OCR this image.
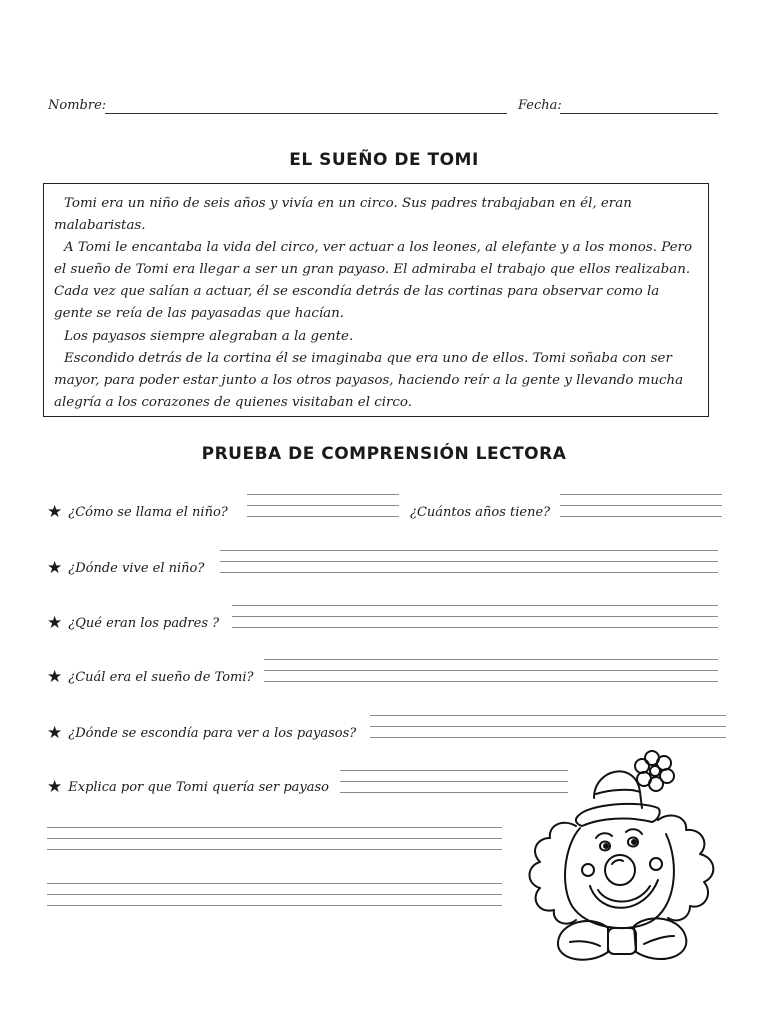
Nombre:	Fecha:
EL SUEÑO DE TOMI

Tomi era un niño de seis años y vivía en un circo. Sus padres trabajaban en él, eran malabaristas.

A Tomi le encantaba la vida del circo, ver actuar a los leones, al elefante y a los monos. Pero el sueño de Tomi era llegar a ser un gran payaso. El admiraba el trabajo que ellos realizaban. Cada vez que salían a actuar, él se escondía detrás de las cortinas para observar como la gente se reía de las payasadas que hacían.

Los payasos siempre alegraban a la gente.

Escondido detrás de la cortina él se imaginaba que era uno de ellos. Tomi soñaba con ser mayor, para poder estar junto a los otros payasos, haciendo reír a la gente y llevando mucha alegría a los corazones de quienes visitaban el circo.

PRUEBA DE COMPRENSIÓN LECTORA
★ ¿Cómo se llama el niño?	¿Cuántos años tiene?
★ ¿Dónde vive el niño?
★ ¿Qué eran los padres ?
★ ¿Cuál era el sueño de Tomi?
★ ¿Dónde se escondía para ver a los payasos?
★ Explica por que Tomi quería ser payaso
